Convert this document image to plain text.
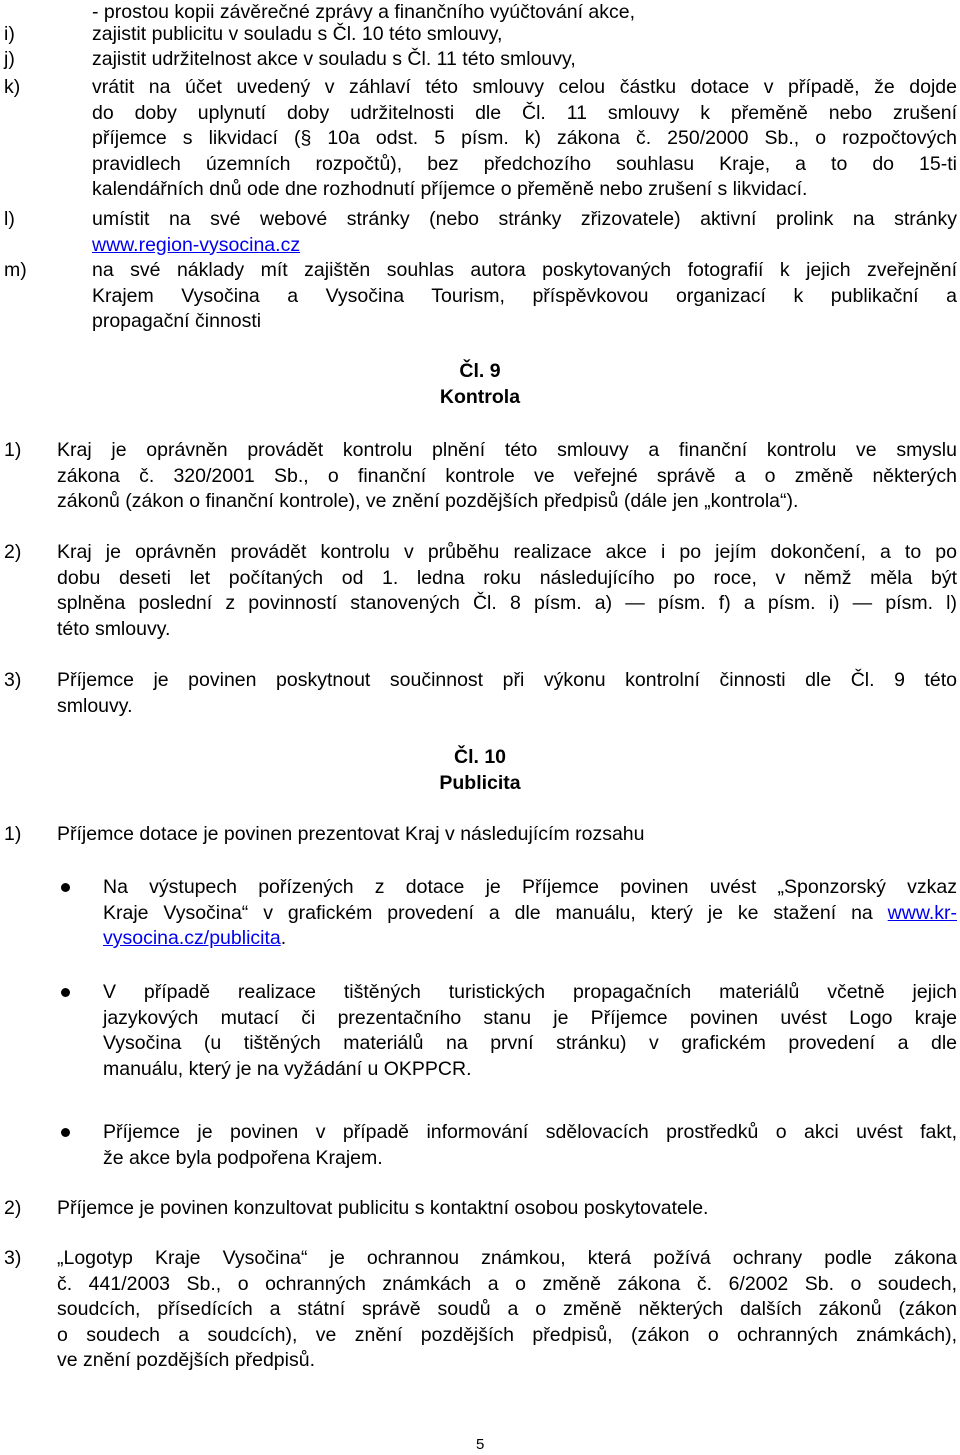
- prostou kopii závěrečné zprávy a finančního vyúčtování akce,
i)	zajistit publicitu v souladu s Čl. 10 této smlouvy,
j)	zajistit udržitelnost akce v souladu s Čl. 11 této smlouvy,
k)	vrátit na účet uvedený v záhlaví této smlouvy celou částku dotace v případě, že dojde
do doby uplynutí doby udržitelnosti dle Čl. 11 smlouvy k přeměně nebo zrušení
příjemce s likvidací (§ 10a odst. 5 písm. k) zákona č. 250/2000 Sb., o rozpočtových
pravidlech územních rozpočtů), bez předchozího souhlasu Kraje, a to do 15-ti
kalendářních dnů ode dne rozhodnutí příjemce o přeměně nebo zrušení s likvidací.
l)	umístit na své webové stránky (nebo stránky zřizovatele) aktivní prolink na stránky
www.region-vysocina.cz
m)	na své náklady mít zajištěn souhlas autora poskytovaných fotografií k jejich zveřejnění
Krajem Vysočina a Vysočina Tourism, příspěvkovou organizací k publikační a
propagační činnosti
Čl. 9
Kontrola
1) Kraj je oprávněn provádět kontrolu plnění této smlouvy a finanční kontrolu ve smyslu
zákona č. 320/2001 Sb., o finanční kontrole ve veřejné správě a o změně některých
zákonů (zákon o finanční kontrole), ve znění pozdějších předpisů (dále jen „kontrola“).
2) Kraj je oprávněn provádět kontrolu v průběhu realizace akce i po jejím dokončení, a to po
dobu deseti let počítaných od 1. ledna roku následujícího po roce, v němž měla být
splněna poslední z povinností stanovených Čl. 8 písm. a) — písm. f) a písm. i) — písm. l)
této smlouvy.
3) Příjemce je povinen poskytnout součinnost při výkonu kontrolní činnosti dle Čl. 9 této
smlouvy.
Čl. 10
Publicita
1) Příjemce dotace je povinen prezentovat Kraj v následujícím rozsahu
Na výstupech pořízených z dotace je Příjemce povinen uvést „Sponzorský vzkaz
Kraje Vysočina“ v grafickém provedení a dle manuálu, který je ke stažení na www.kr-
vysocina.cz/publicita.
V případě realizace tištěných turistických propagačních materiálů včetně jejich
jazykových mutací či prezentačního stanu je Příjemce povinen uvést Logo kraje
Vysočina (u tištěných materiálů na první stránku) v grafickém provedení a dle
manuálu, který je na vyžádání u OKPPCR.
Příjemce je povinen v případě informování sdělovacích prostředků o akci uvést fakt,
že akce byla podpořena Krajem.
2) Příjemce je povinen konzultovat publicitu s kontaktní osobou poskytovatele.
3) „Logotyp Kraje Vysočina“ je ochrannou známkou, která požívá ochrany podle zákona
č. 441/2003 Sb., o ochranných známkách a o změně zákona č. 6/2002 Sb. o soudech,
soudcích, přísedících a státní správě soudů a o změně některých dalších zákonů (zákon
o soudech a soudcích), ve znění pozdějších předpisů, (zákon o ochranných známkách),
ve znění pozdějších předpisů.
5
